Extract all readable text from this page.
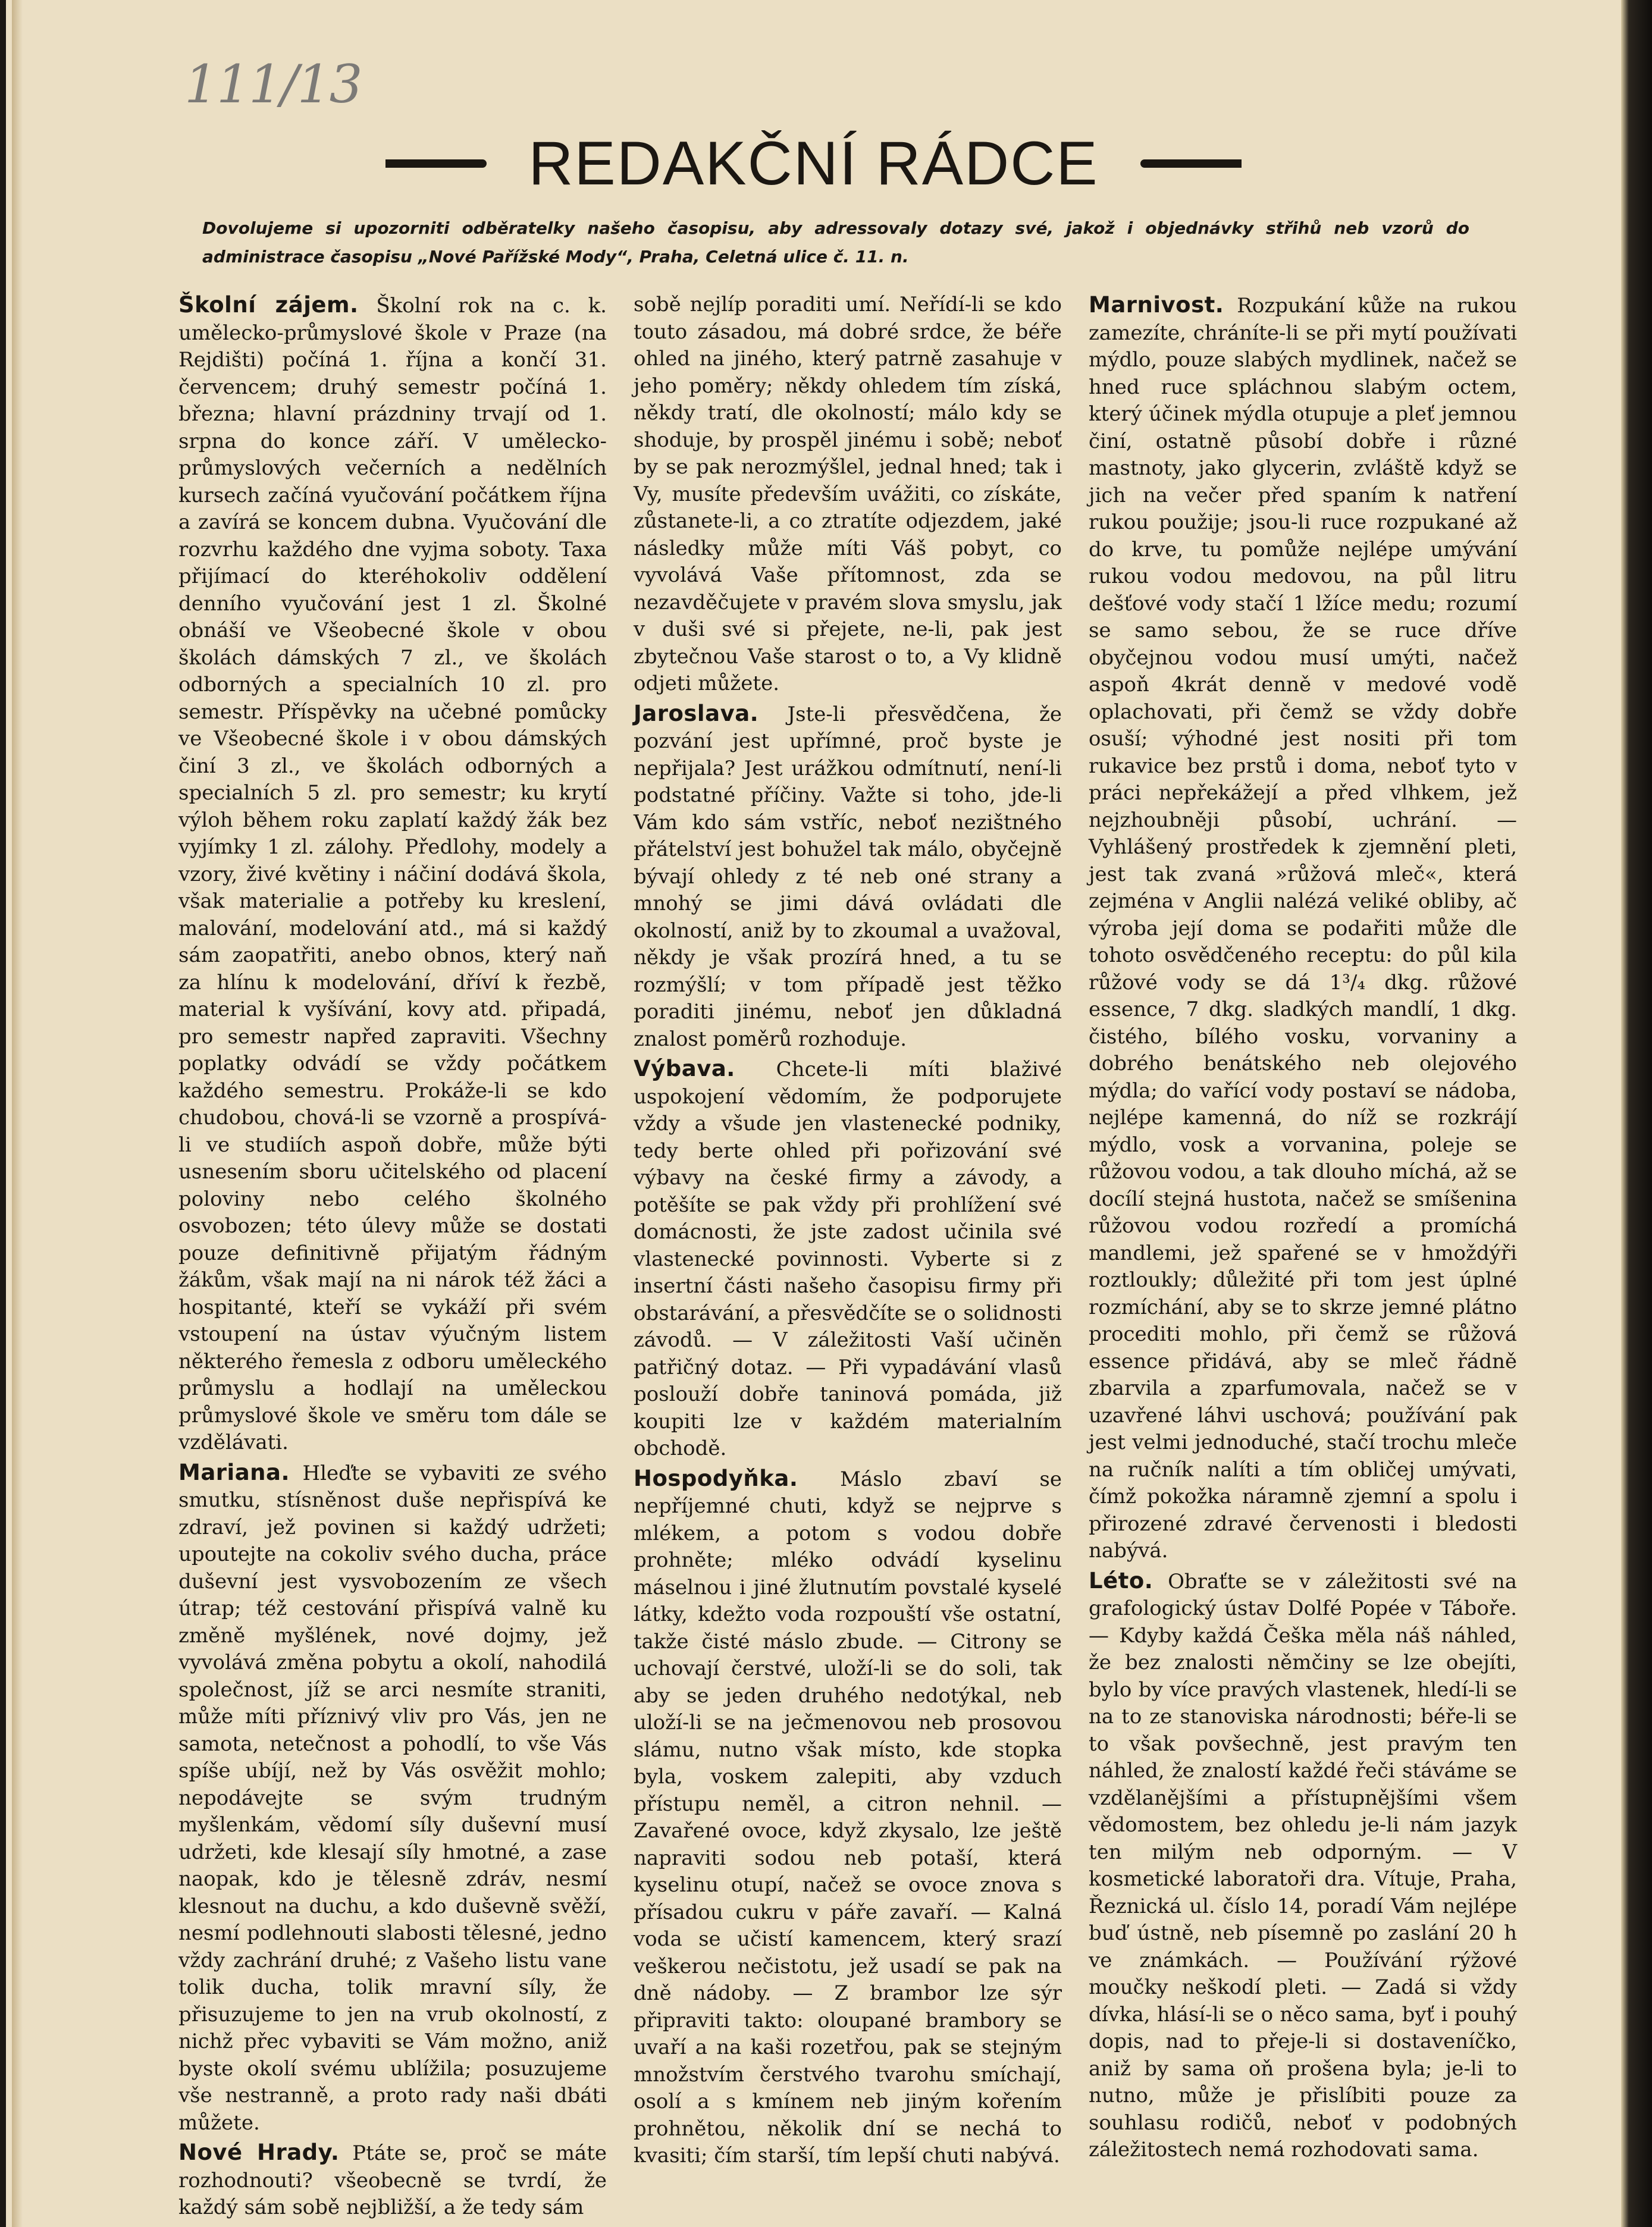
111/13
REDAKČNÍ RÁDCE
Dovolujeme si upozorniti odběratelky našeho časopisu, aby adressovaly dotazy své, jakož i objednávky střihů neb vzorů do administrace časopisu „Nové Pařížské Mody“, Praha, Celetná ulice č. 11. n.

Školní zájem. Školní rok na c. k. umělecko-průmyslové škole v Praze (na Rejdišti) počíná 1. října a končí 31. červencem; druhý semestr počíná 1. března; hlavní prázdniny trvají od 1. srpna do konce září. V umělecko-průmyslových večerních a nedělních kursech začíná vyučování počátkem října a zavírá se koncem dubna. Vyučování dle rozvrhu každého dne vyjma soboty. Taxa přijímací do kteréhokoliv oddělení denního vyučování jest 1 zl. Školné obnáší ve Všeobecné škole v obou školách dámských 7 zl., ve školách odborných a specialních 10 zl. pro semestr. Příspěvky na učebné pomůcky ve Všeobecné škole i v obou dámských činí 3 zl., ve školách odborných a specialních 5 zl. pro semestr; ku krytí výloh během roku zaplatí každý žák bez vyjímky 1 zl. zálohy. Předlohy, modely a vzory, živé květiny i náčiní dodává škola, však materialie a potřeby ku kreslení, malování, modelování atd., má si každý sám zaopatřiti, anebo obnos, který naň za hlínu k modelování, dříví k řezbě, material k vyšívání, kovy atd. připadá, pro semestr napřed zapraviti. Všechny poplatky odvádí se vždy počátkem každého semestru. Prokáže-li se kdo chudobou, chová-li se vzorně a prospívá-li ve studiích aspoň dobře, může býti usnesením sboru učitelského od placení poloviny nebo celého školného osvobozen; této úlevy může se dostati pouze definitivně přijatým řádným žákům, však mají na ni nárok též žáci a hospitanté, kteří se vykáží při svém vstoupení na ústav výučným listem některého řemesla z odboru uměleckého průmyslu a hodlají na uměleckou průmyslové škole ve směru tom dále se vzdělávati.

Mariana. Hleďte se vybaviti ze svého smutku, stísněnost duše nepřispívá ke zdraví, jež povinen si každý udržeti; upoutejte na cokoliv svého ducha, práce duševní jest vysvobozením ze všech útrap; též cestování přispívá valně ku změně myšlének, nové dojmy, jež vyvolává změna pobytu a okolí, nahodilá společnost, jíž se arci nesmíte straniti, může míti příznivý vliv pro Vás, jen ne samota, netečnost a pohodlí, to vše Vás spíše ubíjí, než by Vás osvěžit mohlo; nepodávejte se svým trudným myšlenkám, vědomí síly duševní musí udržeti, kde klesají síly hmotné, a zase naopak, kdo je tělesně zdráv, nesmí klesnout na duchu, a kdo duševně svěží, nesmí podlehnouti slabosti tělesné, jedno vždy zachrání druhé; z Vašeho listu vane tolik ducha, tolik mravní síly, že přisuzujeme to jen na vrub okolností, z nichž přec vybaviti se Vám možno, aniž byste okolí svému ublížila; posuzujeme vše nestranně, a proto rady naši dbáti můžete.

Nové Hrady. Ptáte se, proč se máte rozhodnouti? všeobecně se tvrdí, že každý sám sobě nejbližší, a že tedy sám

sobě nejlíp poraditi umí. Neřídí-li se kdo touto zásadou, má dobré srdce, že béře ohled na jiného, který patrně zasahuje v jeho poměry; někdy ohledem tím získá, někdy tratí, dle okolností; málo kdy se shoduje, by prospěl jinému i sobě; neboť by se pak nerozmýšlel, jednal hned; tak i Vy, musíte především uvážiti, co získáte, zůstanete-li, a co ztratíte odjezdem, jaké následky může míti Váš pobyt, co vyvolává Vaše přítomnost, zda se nezavděčujete v pravém slova smyslu, jak v duši své si přejete, ne-li, pak jest zbytečnou Vaše starost o to, a Vy klidně odjeti můžete.

Jaroslava. Jste-li přesvědčena, že pozvání jest upřímné, proč byste je nepřijala? Jest urážkou odmítnutí, není-li podstatné příčiny. Važte si toho, jde-li Vám kdo sám vstříc, neboť nezištného přátelství jest bohužel tak málo, obyčejně bývají ohledy z té neb oné strany a mnohý se jimi dává ovládati dle okolností, aniž by to zkoumal a uvažoval, někdy je však prozírá hned, a tu se rozmýšlí; v tom případě jest těžko poraditi jinému, neboť jen důkladná znalost poměrů rozhoduje.

Výbava. Chcete-li míti blaživé uspokojení vědomím, že podporujete vždy a všude jen vlastenecké podniky, tedy berte ohled při pořizování své výbavy na české firmy a závody, a potěšíte se pak vždy při prohlížení své domácnosti, že jste zadost učinila své vlastenecké povinnosti. Vyberte si z insertní části našeho časopisu firmy při obstarávání, a přesvědčíte se o solidnosti závodů. — V záležitosti Vaší učiněn patřičný dotaz. — Při vypadávání vlasů poslouží dobře taninová pomáda, již koupiti lze v každém materialním obchodě.

Hospodyňka. Máslo zbaví se nepříjemné chuti, když se nejprve s mlékem, a potom s vodou dobře prohněte; mléko odvádí kyselinu máselnou i jiné žlutnutím povstalé kyselé látky, kdežto voda rozpouští vše ostatní, takže čisté máslo zbude. — Citrony se uchovají čerstvé, uloží-li se do soli, tak aby se jeden druhého nedotýkal, neb uloží-li se na ječmenovou neb prosovou slámu, nutno však místo, kde stopka byla, voskem zalepiti, aby vzduch přístupu neměl, a citron nehnil. — Zavařené ovoce, když zkysalo, lze ještě napraviti sodou neb potaší, která kyselinu otupí, načež se ovoce znova s přísadou cukru v páře zavaří. — Kalná voda se učistí kamencem, který srazí veškerou nečistotu, jež usadí se pak na dně nádoby. — Z brambor lze sýr připraviti takto: oloupané brambory se uvaří a na kaši rozetřou, pak se stejným množstvím čerstvého tvarohu smíchají, osolí a s kmínem neb jiným kořením prohnětou, několik dní se nechá to kvasiti; čím starší, tím lepší chuti nabývá.

Marnivost. Rozpukání kůže na rukou zamezíte, chráníte-li se při mytí používati mýdlo, pouze slabých mydlinek, načež se hned ruce spláchnou slabým octem, který účinek mýdla otupuje a pleť jemnou činí, ostatně působí dobře i různé mastnoty, jako glycerin, zvláště když se jich na večer před spaním k natření rukou použije; jsou-li ruce rozpukané až do krve, tu pomůže nejlépe umývání rukou vodou medovou, na půl litru dešťové vody stačí 1 lžíce medu; rozumí se samo sebou, že se ruce dříve obyčejnou vodou musí umýti, načež aspoň 4krát denně v medové vodě oplachovati, při čemž se vždy dobře osuší; výhodné jest nositi při tom rukavice bez prstů i doma, neboť tyto v práci nepřekážejí a před vlhkem, jež nejzhoubněji působí, uchrání. — Vyhlášený prostředek k zjemnění pleti, jest tak zvaná »růžová mleč«, která zejména v Anglii nalézá veliké obliby, ač výroba její doma se podařiti může dle tohoto osvědčeného receptu: do půl kila růžové vody se dá 1³/₄ dkg. růžové essence, 7 dkg. sladkých mandlí, 1 dkg. čistého, bílého vosku, vorvaniny a dobrého benátského neb olejového mýdla; do vařící vody postaví se nádoba, nejlépe kamenná, do níž se rozkrájí mýdlo, vosk a vorvanina, poleje se růžovou vodou, a tak dlouho míchá, až se docílí stejná hustota, načež se smíšenina růžovou vodou rozředí a promíchá mandlemi, jež spařené se v hmoždýři roztloukly; důležité při tom jest úplné rozmíchání, aby se to skrze jemné plátno procediti mohlo, při čemž se růžová essence přidává, aby se mleč řádně zbarvila a zparfumovala, načež se v uzavřené láhvi uschová; používání pak jest velmi jednoduché, stačí trochu mleče na ručník nalíti a tím obličej umývati, čímž pokožka náramně zjemní a spolu i přirozené zdravé červenosti i bledosti nabývá.

Léto. Obraťte se v záležitosti své na grafologický ústav Dolfé Popée v Táboře. — Kdyby každá Češka měla náš náhled, že bez znalosti němčiny se lze obejíti, bylo by více pravých vlastenek, hledí-li se na to ze stanoviska národnosti; béře-li se to však povšechně, jest pravým ten náhled, že znalostí každé řeči stáváme se vzdělanějšími a přístupnějšími všem vědomostem, bez ohledu je-li nám jazyk ten milým neb odporným. — V kosmetické laboratoři dra. Vítuje, Praha, Řeznická ul. číslo 14, poradí Vám nejlépe buď ústně, neb písemně po zaslání 20 h ve známkách. — Používání rýžové moučky neškodí pleti. — Zadá si vždy dívka, hlásí-li se o něco sama, byť i pouhý dopis, nad to přeje-li si dostaveníčko, aniž by sama oň prošena byla; je-li to nutno, může je přislíbiti pouze za souhlasu rodičů, neboť v podobných záležitostech nemá rozhodovati sama.
